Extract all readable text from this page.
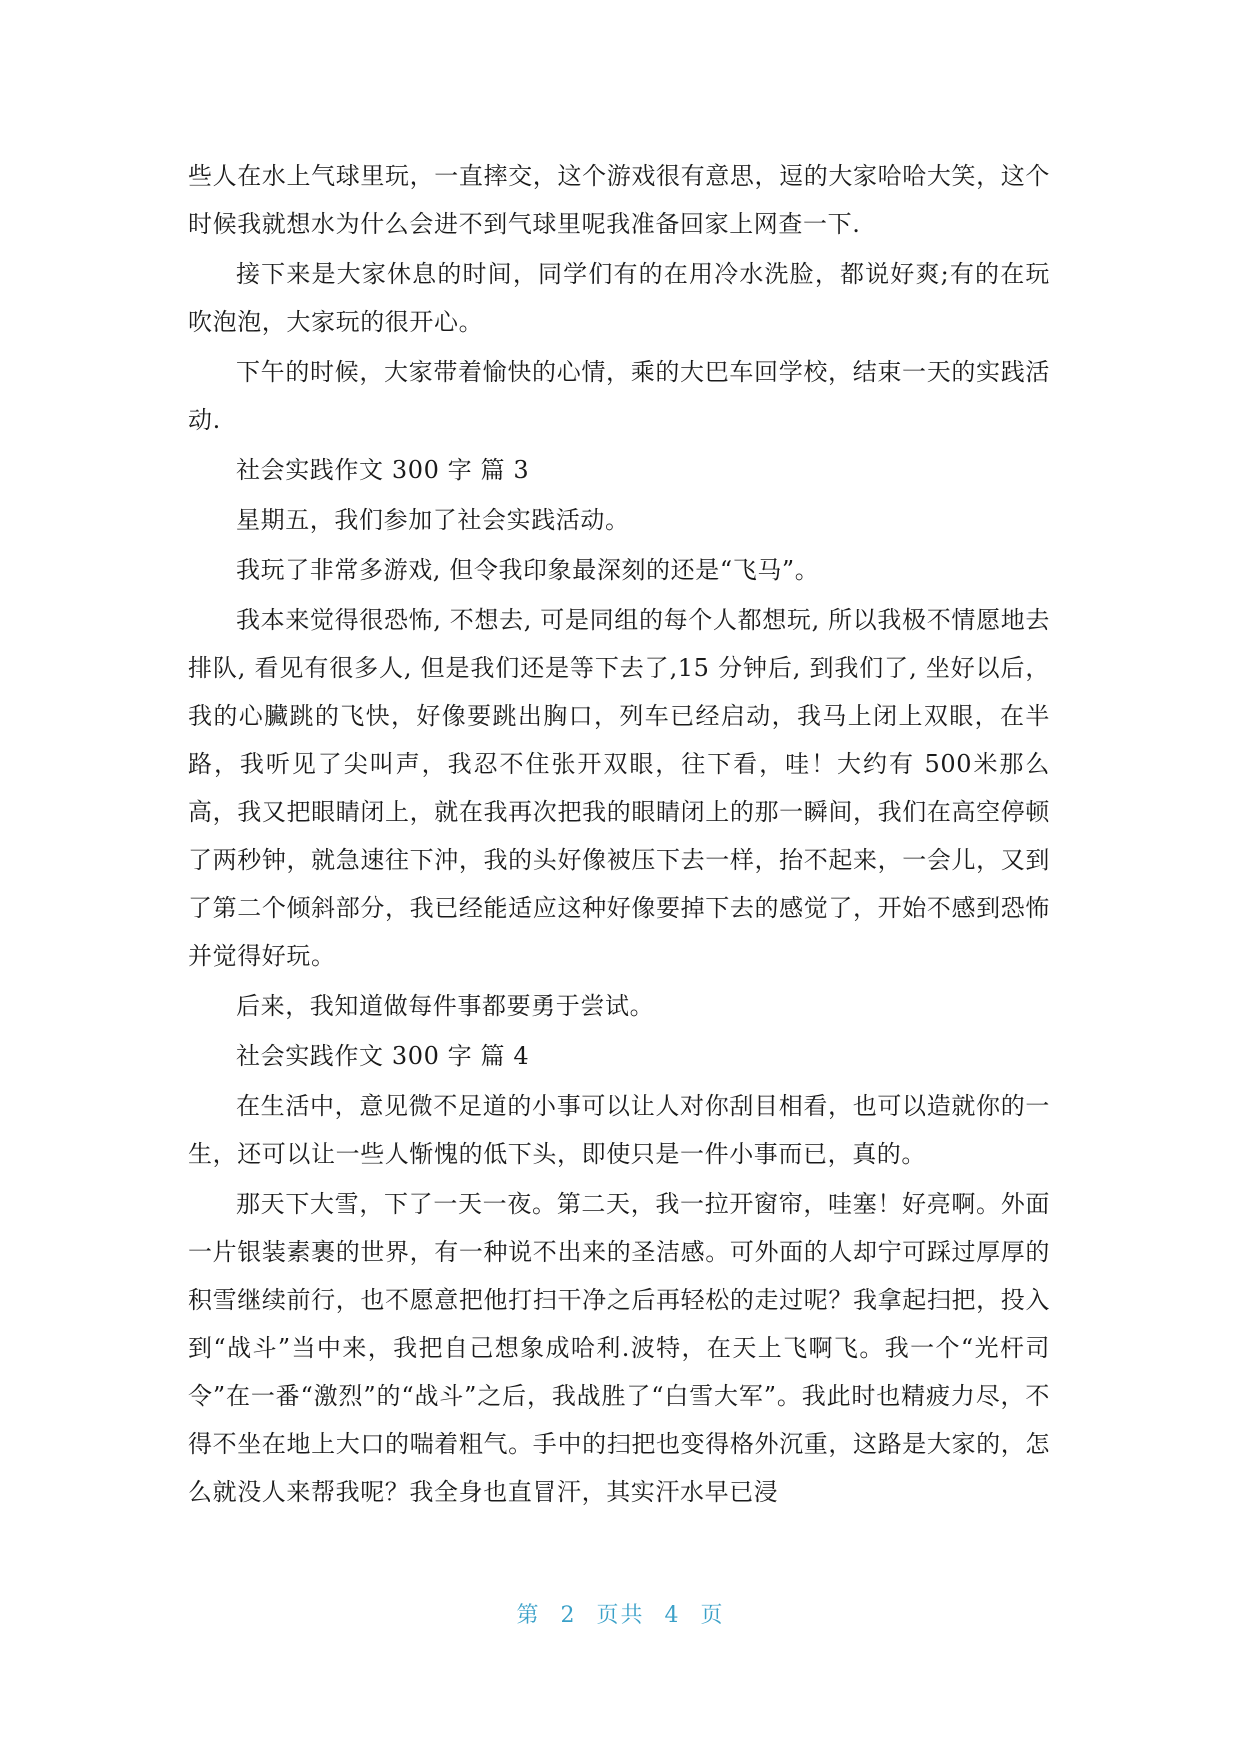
些人在水上气球里玩，一直摔交，这个游戏很有意思，逗的大家哈哈大笑，这个时候我就想水为什么会进不到气球里呢我准备回家上网查一下.

接下来是大家休息的时间，同学们有的在用冷水洗脸，都说好爽;有的在玩吹泡泡，大家玩的很开心。

下午的时候，大家带着愉快的心情，乘的大巴车回学校，结束一天的实践活动.

社会实践作文 300 字 篇 3

星期五，我们参加了社会实践活动。

我玩了非常多游戏, 但令我印象最深刻的还是“飞马”。

我本来觉得很恐怖, 不想去, 可是同组的每个人都想玩, 所以我极不情愿地去排队, 看见有很多人, 但是我们还是等下去了,15 分钟后, 到我们了, 坐好以后，我的心臟跳的飞快，好像要跳出胸口，列车已经启动，我马上闭上双眼，在半路，我听见了尖叫声，我忍不住张开双眼，往下看，哇！大约有 500米那么高，我又把眼睛闭上，就在我再次把我的眼睛闭上的那一瞬间，我们在高空停顿了两秒钟，就急速往下沖，我的头好像被压下去一样，抬不起来，一会儿，又到了第二个倾斜部分，我已经能适应这种好像要掉下去的感觉了，开始不感到恐怖并觉得好玩。

后来，我知道做每件事都要勇于尝试。

社会实践作文 300 字 篇 4

在生活中，意见微不足道的小事可以让人对你刮目相看，也可以造就你的一生，还可以让一些人惭愧的低下头，即使只是一件小事而已，真的。

那天下大雪，下了一天一夜。第二天，我一拉开窗帘，哇塞！好亮啊。外面一片银装素裹的世界，有一种说不出来的圣洁感。可外面的人却宁可踩过厚厚的积雪继续前行，也不愿意把他打扫干净之后再轻松的走过呢？我拿起扫把，投入到“战斗”当中来，我把自己想象成哈利.波特，在天上飞啊飞。我一个“光杆司令”在一番“激烈”的“战斗”之后，我战胜了“白雪大军”。我此时也精疲力尽，不得不坐在地上大口的喘着粗气。手中的扫把也变得格外沉重，这路是大家的，怎么就没人来帮我呢？我全身也直冒汗，其实汗水早已浸

第 2 页共 4 页
